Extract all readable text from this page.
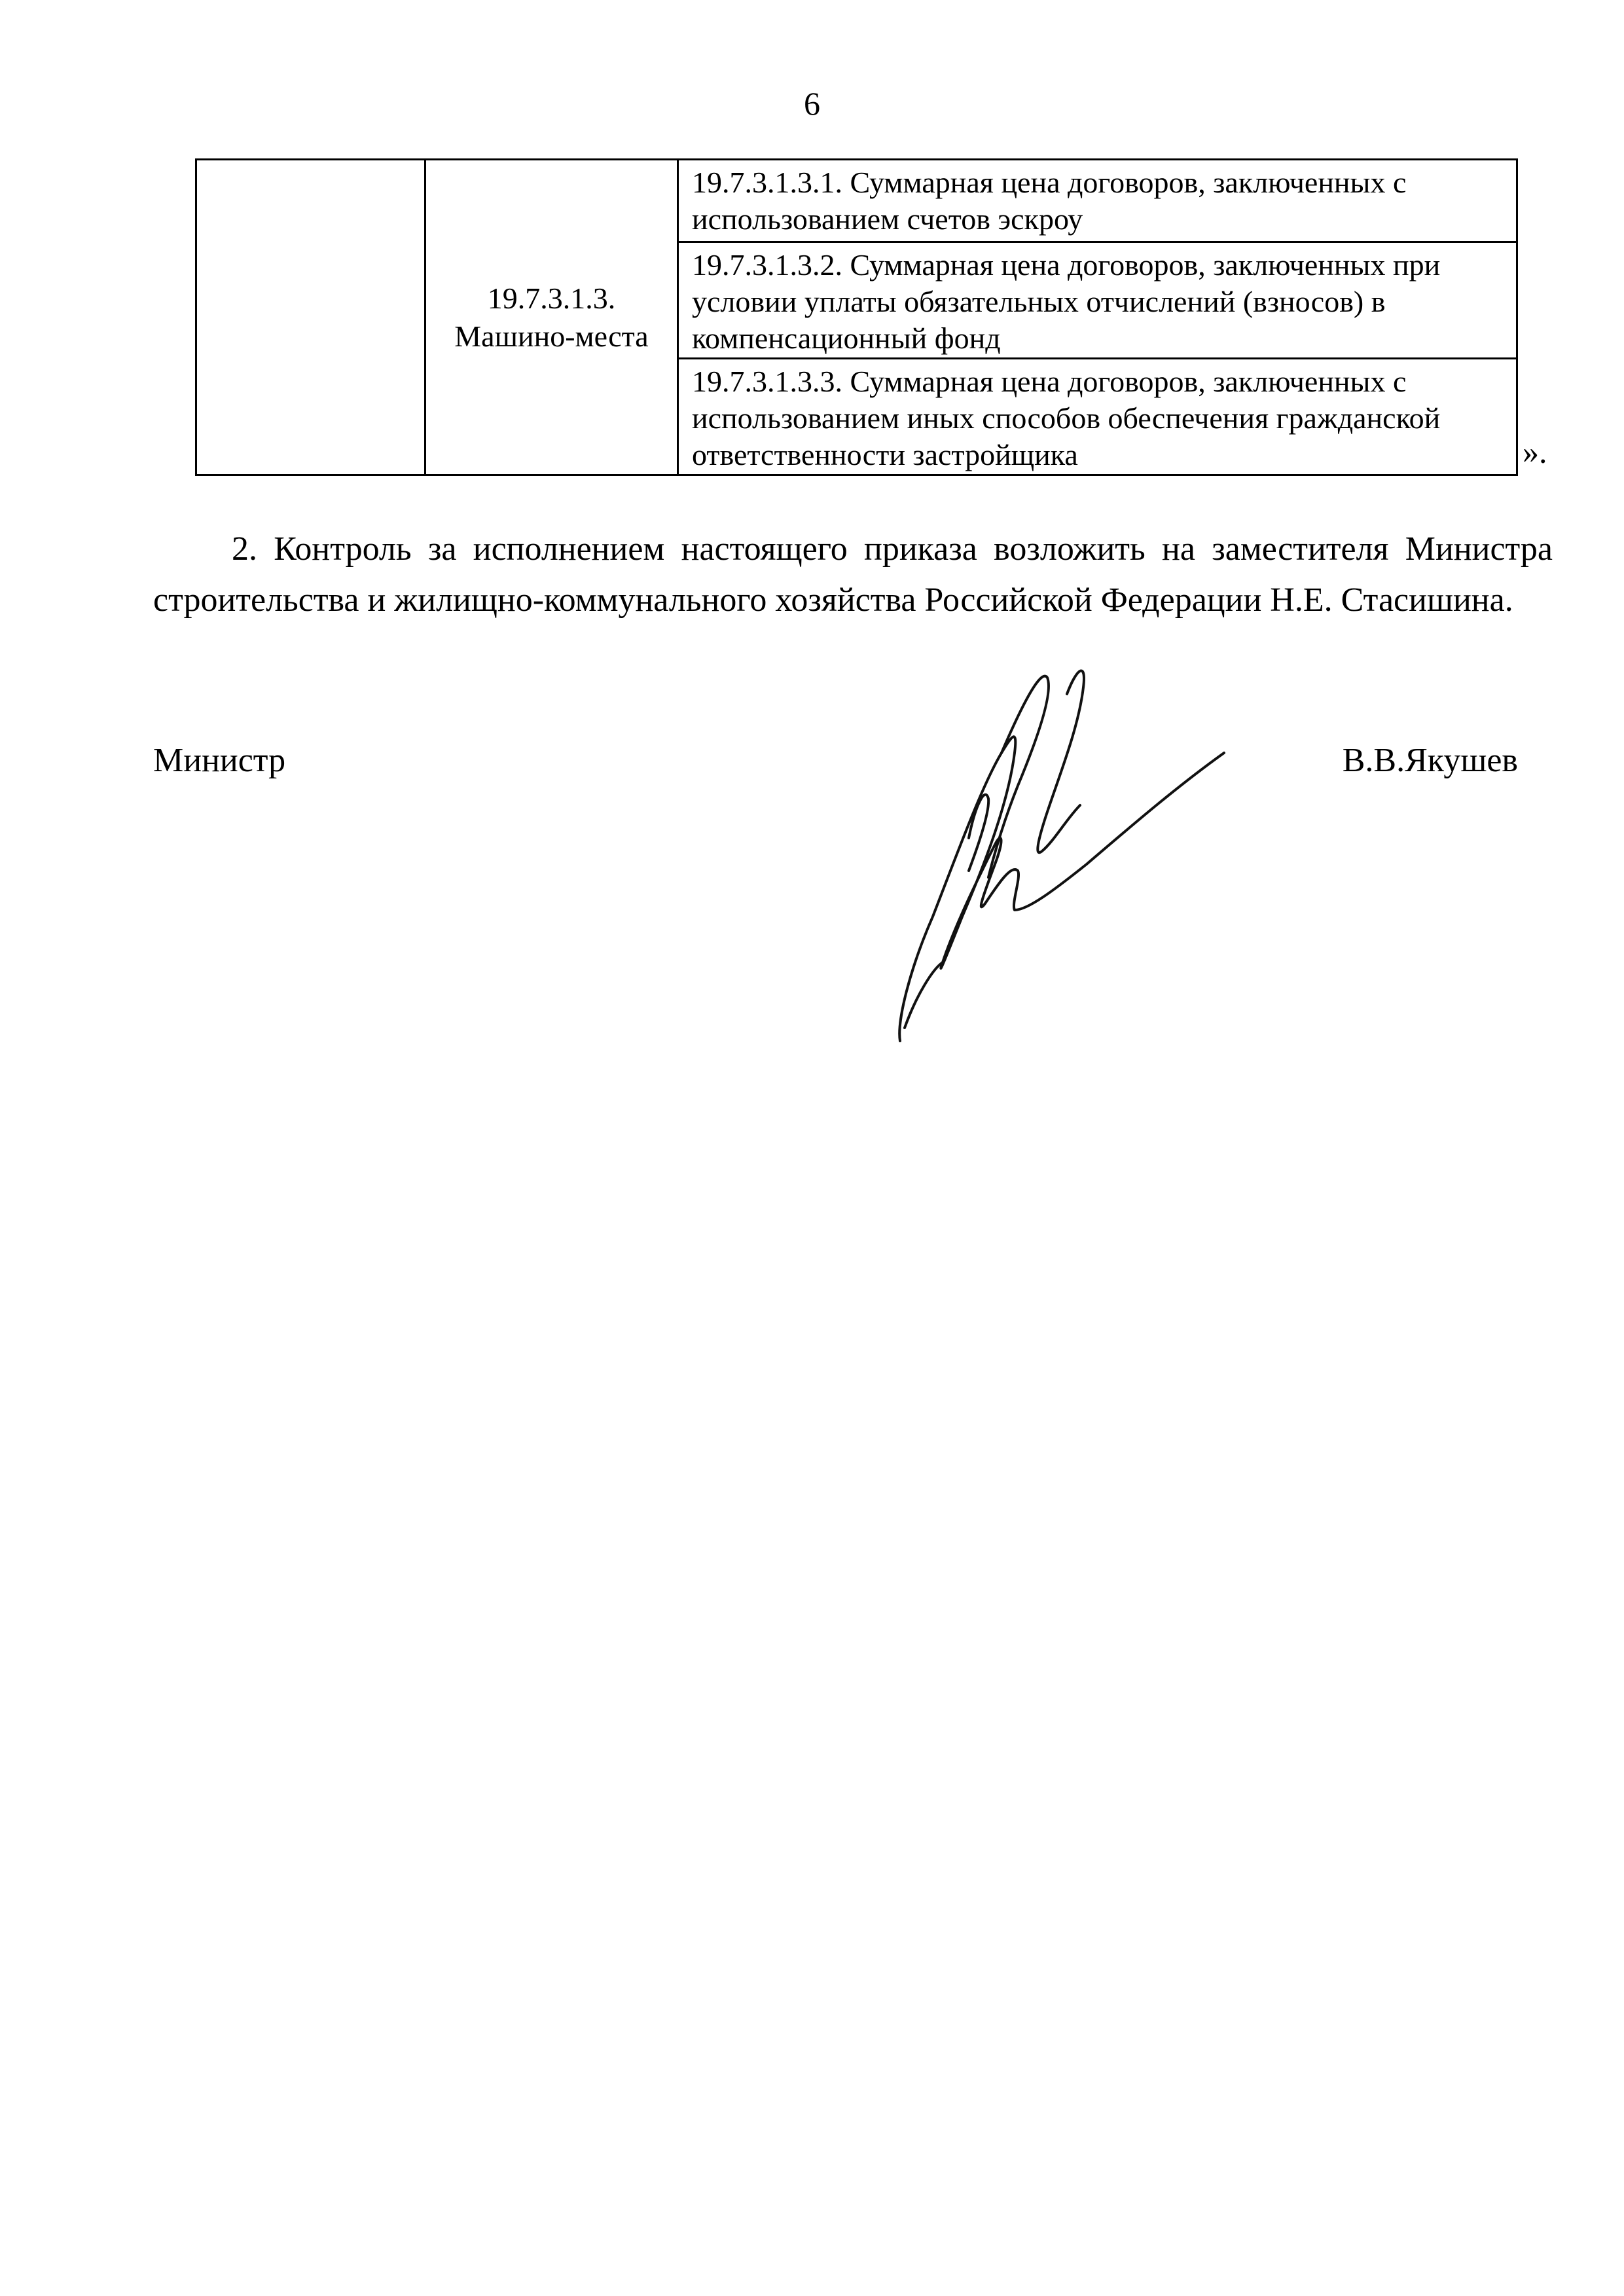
6

19.7.3.1.3.
Машино-места
	19.7.3.1.3.1. Суммарная цена договоров, заключенных с использованием счетов эскроу
19.7.3.1.3.2. Суммарная цена договоров, заключенных при условии уплаты обязательных отчислений (взносов) в компенсационный фонд
19.7.3.1.3.3. Суммарная цена договоров, заключенных с использованием иных способов обеспечения гражданской ответственности застройщика	».

2. Контроль за исполнением настоящего приказа возложить на заместителя Министра строительства и жилищно-коммунального хозяйства Российской Федерации Н.Е. Стасишина.

Министр	В.В.Якушев
